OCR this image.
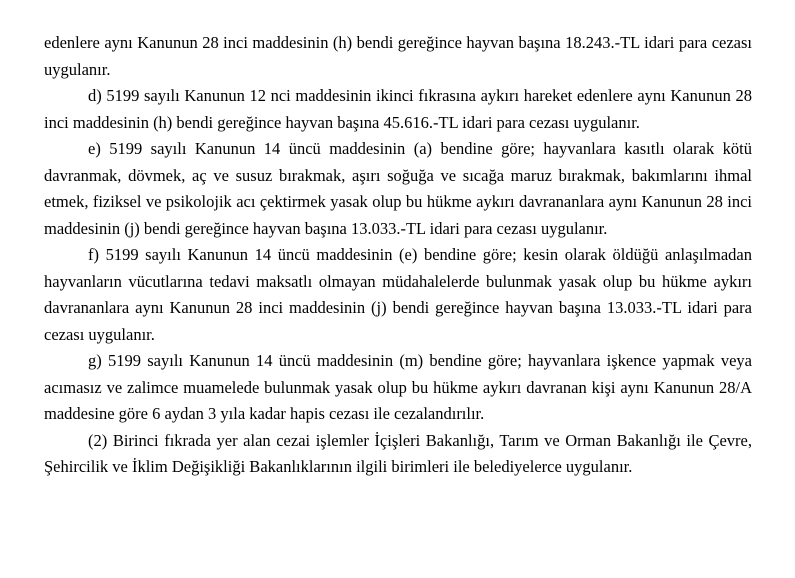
edenlere aynı Kanunun 28 inci maddesinin (h) bendi gereğince hayvan başına 18.243.-TL idari para cezası uygulanır.

d) 5199 sayılı Kanunun 12 nci maddesinin ikinci fıkrasına aykırı hareket edenlere aynı Kanunun 28 inci maddesinin (h) bendi gereğince hayvan başına 45.616.-TL idari para cezası uygulanır.

e) 5199 sayılı Kanunun 14 üncü maddesinin (a) bendine göre; hayvanlara kasıtlı olarak kötü davranmak, dövmek, aç ve susuz bırakmak, aşırı soğuğa ve sıcağa maruz bırakmak, bakımlarını ihmal etmek, fiziksel ve psikolojik acı çektirmek yasak olup bu hükme aykırı davrananlara aynı Kanunun 28 inci maddesinin (j) bendi gereğince hayvan başına 13.033.-TL idari para cezası uygulanır.

f) 5199 sayılı Kanunun 14 üncü maddesinin (e) bendine göre; kesin olarak öldüğü anlaşılmadan hayvanların vücutlarına tedavi maksatlı olmayan müdahalelerde bulunmak yasak olup bu hükme aykırı davrananlara aynı Kanunun 28 inci maddesinin (j) bendi gereğince hayvan başına 13.033.-TL idari para cezası uygulanır.

g) 5199 sayılı Kanunun 14 üncü maddesinin (m) bendine göre; hayvanlara işkence yapmak veya acımasız ve zalimce muamelede bulunmak yasak olup bu hükme aykırı davranan kişi aynı Kanunun 28/A maddesine göre 6 aydan 3 yıla kadar hapis cezası ile cezalandırılır.

(2) Birinci fıkrada yer alan cezai işlemler İçişleri Bakanlığı, Tarım ve Orman Bakanlığı ile Çevre, Şehircilik ve İklim Değişikliği Bakanlıklarının ilgili birimleri ile belediyelerce uygulanır.
